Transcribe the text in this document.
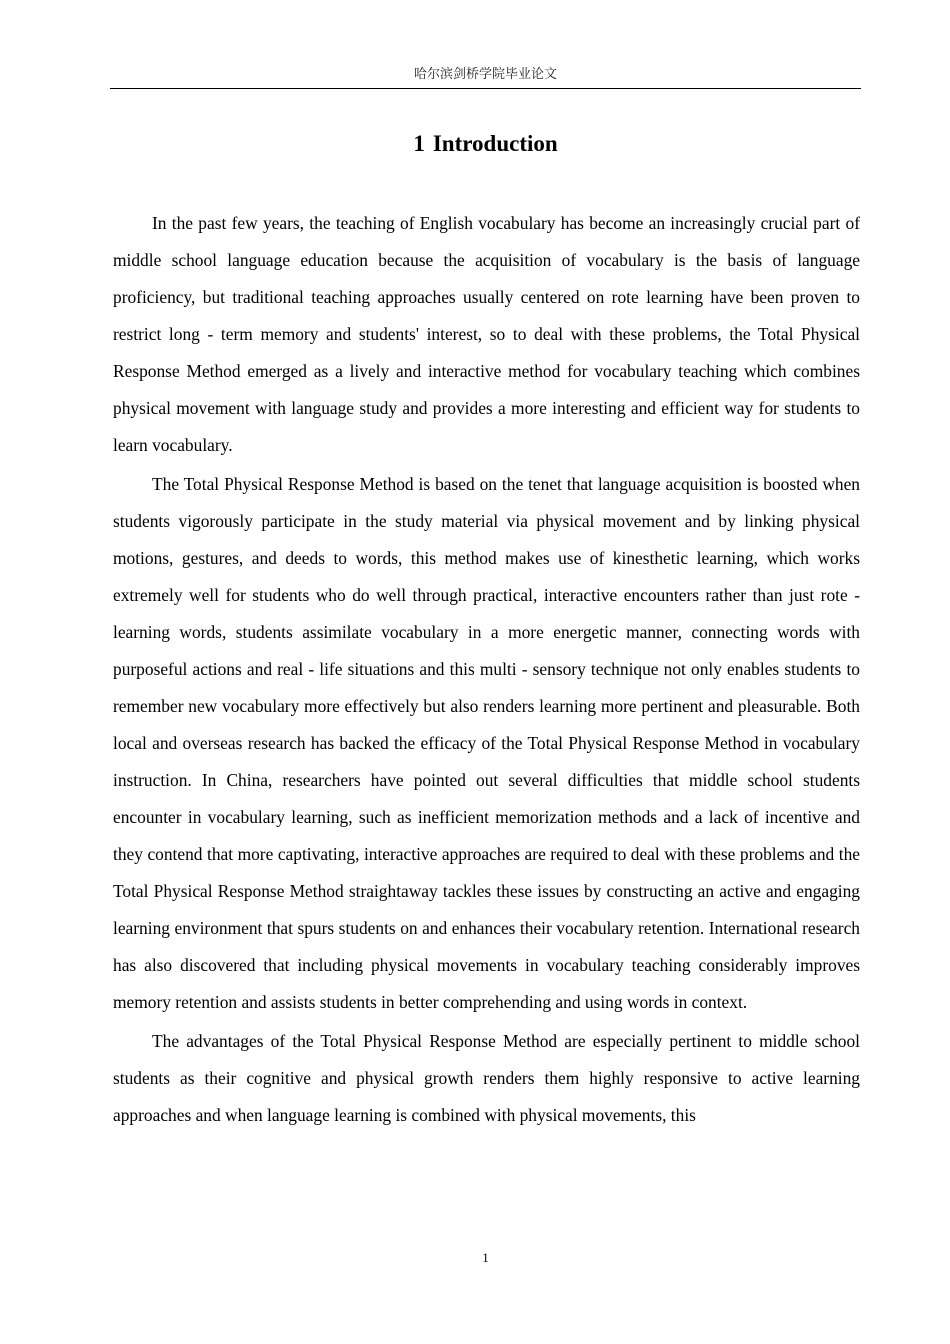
哈尔滨剑桥学院毕业论文
1 Introduction

In the past few years, the teaching of English vocabulary has become an increasingly crucial part of middle school language education because the acquisition of vocabulary is the basis of language proficiency, but traditional teaching approaches usually centered on rote learning have been proven to restrict long - term memory and students' interest, so to deal with these problems, the Total Physical Response Method emerged as a lively and interactive method for vocabulary teaching which combines physical movement with language study and provides a more interesting and efficient way for students to learn vocabulary.

The Total Physical Response Method is based on the tenet that language acquisition is boosted when students vigorously participate in the study material via physical movement and by linking physical motions, gestures, and deeds to words, this method makes use of kinesthetic learning, which works extremely well for students who do well through practical, interactive encounters rather than just rote - learning words, students assimilate vocabulary in a more energetic manner, connecting words with purposeful actions and real - life situations and this multi - sensory technique not only enables students to remember new vocabulary more effectively but also renders learning more pertinent and pleasurable. Both local and overseas research has backed the efficacy of the Total Physical Response Method in vocabulary instruction. In China, researchers have pointed out several difficulties that middle school students encounter in vocabulary learning, such as inefficient memorization methods and a lack of incentive and they contend that more captivating, interactive approaches are required to deal with these problems and the Total Physical Response Method straightaway tackles these issues by constructing an active and engaging learning environment that spurs students on and enhances their vocabulary retention. International research has also discovered that including physical movements in vocabulary teaching considerably improves memory retention and assists students in better comprehending and using words in context.

The advantages of the Total Physical Response Method are especially pertinent to middle school students as their cognitive and physical growth renders them highly responsive to active learning approaches and when language learning is combined with physical movements, this

1
